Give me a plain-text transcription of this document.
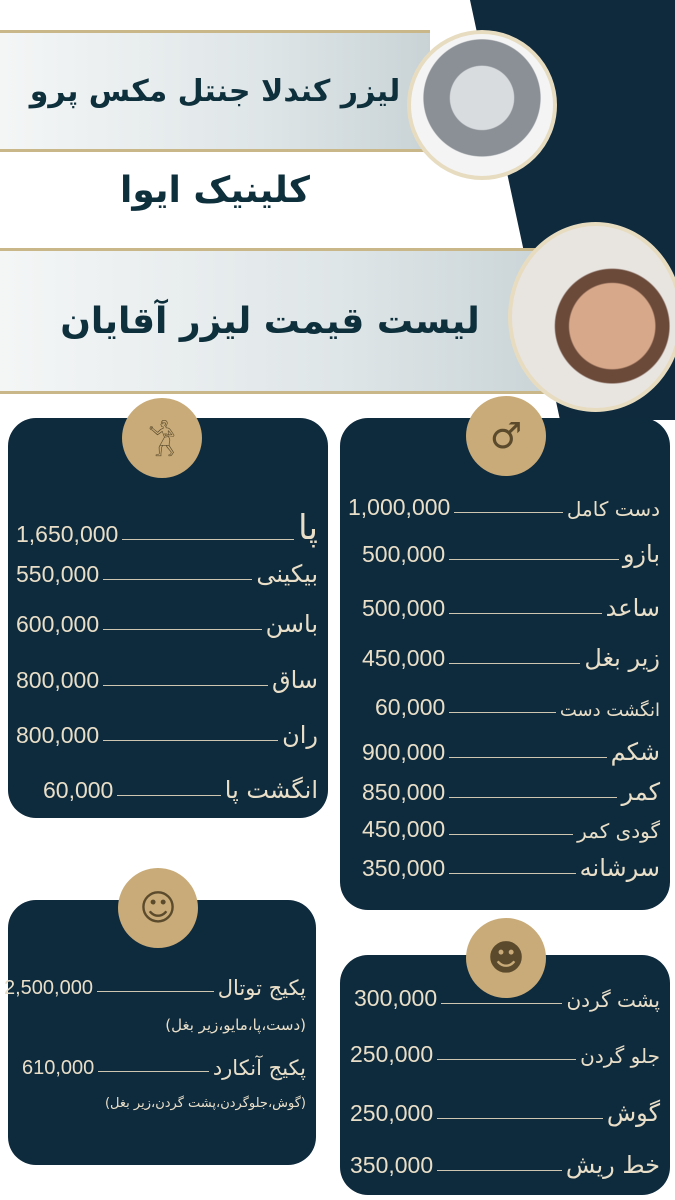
لیزر کندلا جنتل مکس پرو
کلینیک ایوا
لیست قیمت لیزر آقایان
پا
1,650,000
بیکینی
550,000
باسن
600,000
ساق
800,000
ران
800,000
انگشت پا
60,000
𓀟
دست کامل
1,000,000
بازو
500,000
ساعد
500,000
زیر بغل
450,000
انگشت دست
60,000
شکم
900,000
کمر
850,000
گودی کمر
450,000
سرشانه
350,000
♂
پکیج توتال
2,500,000
(دست،پا،مایو،زیر بغل)
پکیج آنکارد
610,000
(گوش،جلوگردن،پشت گردن،زیر بغل)
☺
پشت گردن
300,000
جلو گردن
250,000
گوش
250,000
خط ریش
350,000
☻
